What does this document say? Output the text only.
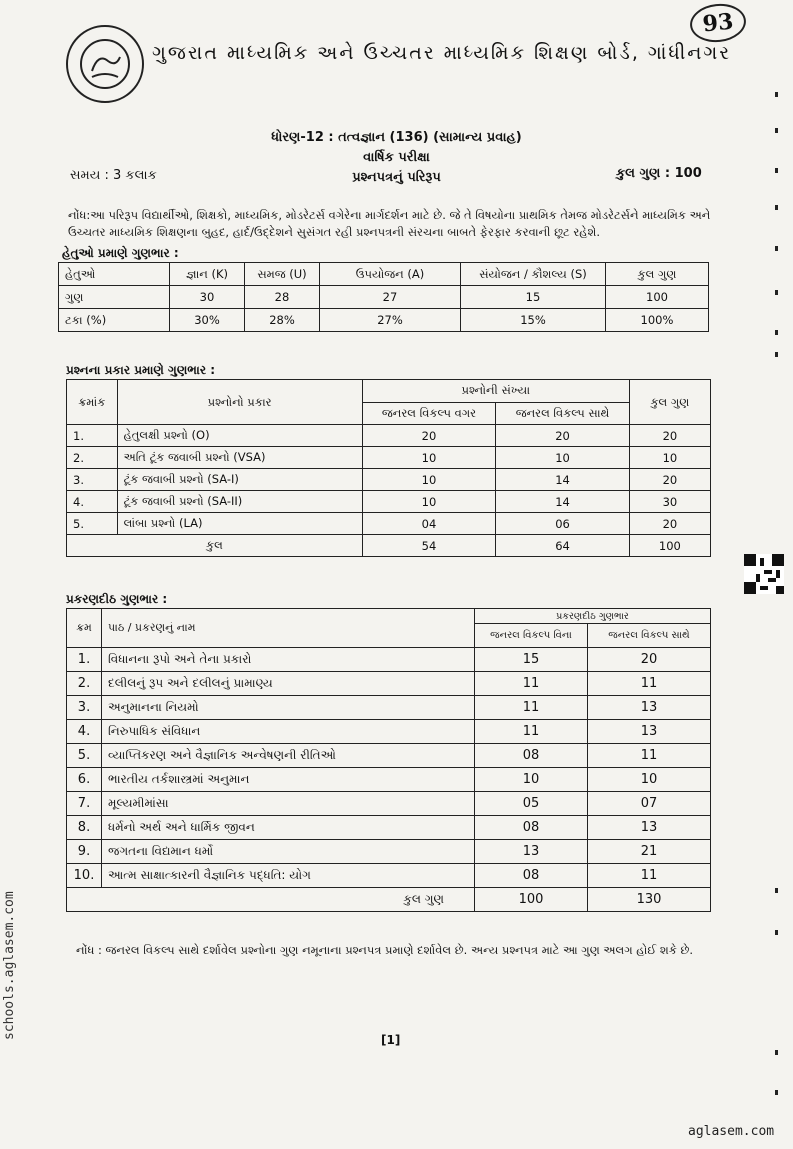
93
ગુજરાત માધ્યમિક અને ઉચ્ચતર માધ્યમિક શિક્ષણ બોર્ડ, ગાંધીનગર
ધોરણ-12 : તત્વજ્ઞાન (136) (સામાન્ય પ્રવાહ)
વાર્ષિક પરીક્ષા
પ્રશ્નપત્રનું પરિરૂપ
સમય : 3 કલાક	કુલ ગુણ : 100
નોંધ:આ પરિરૂપ વિદ્યાર્થીઓ, શિક્ષકો, માધ્યમિક, મોડરેટર્સ વગેરેના માર્ગદર્શન માટે છે. જે તે વિષયોના પ્રાથમિક તેમજ મોડરેટર્સને માધ્યમિક અને ઉચ્ચતર માધ્યમિક શિક્ષણના બુહદ, હાર્દ/ઉદ્દેશને સુસંગત રહી પ્રશ્નપત્રની સંરચના બાબતે ફેરફાર કરવાની છૂટ રહેશે.
હેતુઓ પ્રમાણે ગુણભાર :
હેતુઓ	જ્ઞાન (K)	સમજ (U)	ઉપયોજન (A)	સંયોજન / કૌશલ્ય (S)	કુલ ગુણ
ગુણ	30	28	27	15	100
ટકા (%)	30%	28%	27%	15%	100%
પ્રશ્નના પ્રકાર પ્રમાણે ગુણભાર :
ક્રમાંક	પ્રશ્નોનો પ્રકાર	પ્રશ્નોની સંખ્યા		કુલ ગુણ
		જનરલ વિકલ્પ વગર	જનરલ વિકલ્પ સાથે	
1.	હેતુલક્ષી પ્રશ્નો (O)	20	20	20
2.	અતિ ટૂંક જવાબી પ્રશ્નો (VSA)	10	10	10
3.	ટૂંક જવાબી પ્રશ્નો (SA-I)	10	14	20
4.	ટૂંક જવાબી પ્રશ્નો (SA-II)	10	14	30
5.	લાંબા પ્રશ્નો (LA)	04	06	20
કુલ		54	64	100
પ્રકરણદીઠ ગુણભાર :
ક્રમ	પાઠ / પ્રકરણનું નામ	પ્રકરણદીઠ ગુણભાર	
		જનરલ વિકલ્પ વિના	જનરલ વિકલ્પ સાથે
1.	વિધાનના રૂપો અને તેના પ્રકારો	15	20
2.	દલીલનું રૂપ અને દલીલનું પ્રામાણ્ય	11	11
3.	અનુમાનના નિયમો	11	13
4.	નિરુપાધિક સંવિધાન	11	13
5.	વ્યાપ્તિકરણ અને વૈજ્ઞાનિક અન્વેષણની રીતિઓ	08	11
6.	ભારતીય તર્કશાસ્ત્રમાં અનુમાન	10	10
7.	મૂલ્યમીમાંસા	05	07
8.	ધર્મનો અર્થ અને ધાર્મિક જીવન	08	13
9.	જગતના વિદ્યમાન ધર્મો	13	21
10.	આત્મ સાક્ષાત્કારની વૈજ્ઞાનિક પદ્ધતિ: યોગ	08	11
કુલ ગુણ		100	130
નોંધ : જનરલ વિકલ્પ સાથે દર્શાવેલ પ્રશ્નોના ગુણ નમૂનાના પ્રશ્નપત્ર પ્રમાણે દર્શાવેલ છે. અન્ય પ્રશ્નપત્ર માટે આ ગુણ અલગ હોઈ શકે છે.
[1]
schools.aglasem.com
aglasem.com
